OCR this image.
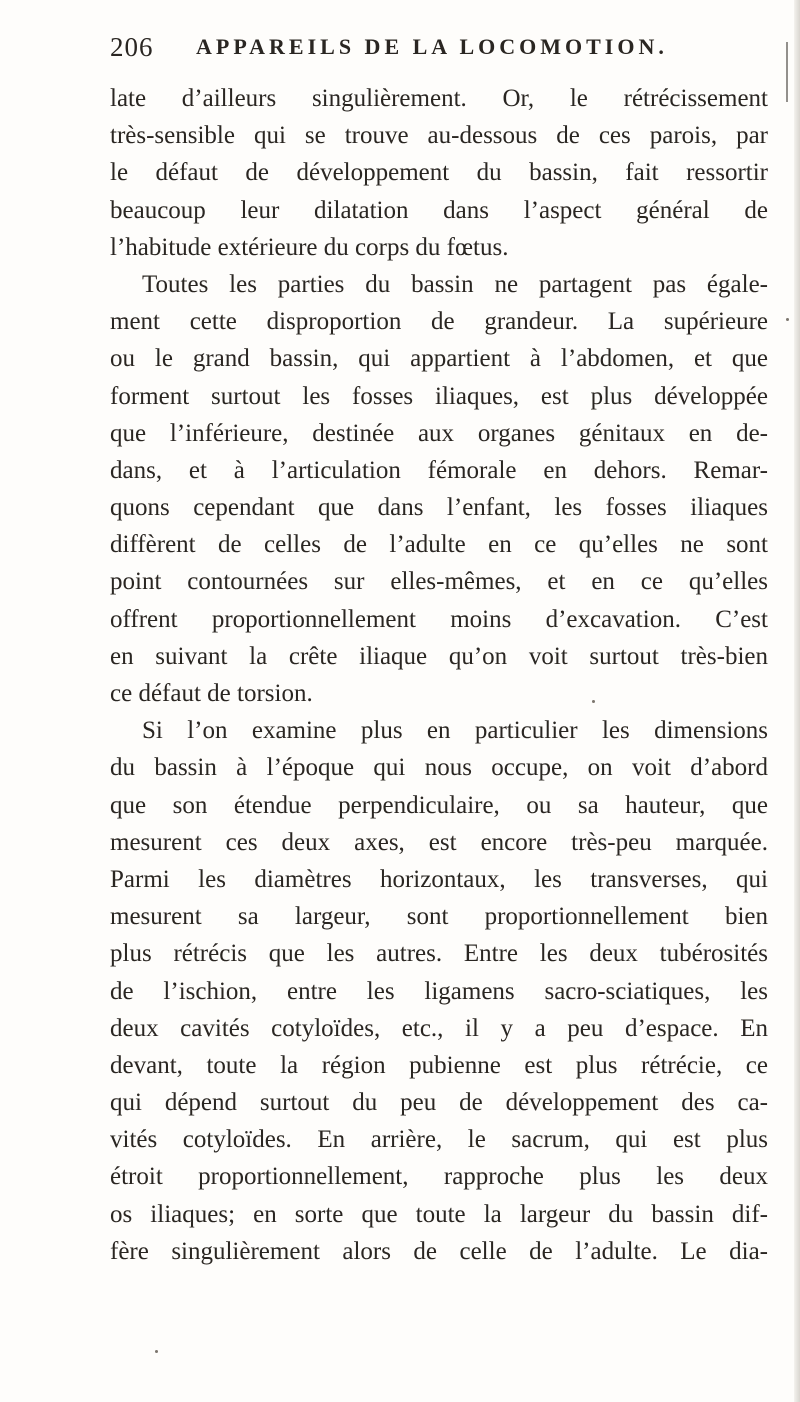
206 APPAREILS DE LA LOCOMOTION.
late d’ailleurs singulièrement. Or, le rétrécissement
très-sensible qui se trouve au-dessous de ces parois, par
le défaut de développement du bassin, fait ressortir
beaucoup leur dilatation dans l’aspect général de
l’habitude extérieure du corps du fœtus.
Toutes les parties du bassin ne partagent pas égale-
ment cette disproportion de grandeur. La supérieure
ou le grand bassin, qui appartient à l’abdomen, et que
forment surtout les fosses iliaques, est plus développée
que l’inférieure, destinée aux organes génitaux en de-
dans, et à l’articulation fémorale en dehors. Remar-
quons cependant que dans l’enfant, les fosses iliaques
diffèrent de celles de l’adulte en ce qu’elles ne sont
point contournées sur elles-mêmes, et en ce qu’elles
offrent proportionnellement moins d’excavation. C’est
en suivant la crête iliaque qu’on voit surtout très-bien
ce défaut de torsion.
Si l’on examine plus en particulier les dimensions
du bassin à l’époque qui nous occupe, on voit d’abord
que son étendue perpendiculaire, ou sa hauteur, que
mesurent ces deux axes, est encore très-peu marquée.
Parmi les diamètres horizontaux, les transverses, qui
mesurent sa largeur, sont proportionnellement bien
plus rétrécis que les autres. Entre les deux tubérosités
de l’ischion, entre les ligamens sacro-sciatiques, les
deux cavités cotyloïdes, etc., il y a peu d’espace. En
devant, toute la région pubienne est plus rétrécie, ce
qui dépend surtout du peu de développement des ca-
vités cotyloïdes. En arrière, le sacrum, qui est plus
étroit proportionnellement, rapproche plus les deux
os iliaques; en sorte que toute la largeur du bassin dif-
fère singulièrement alors de celle de l’adulte. Le dia-
